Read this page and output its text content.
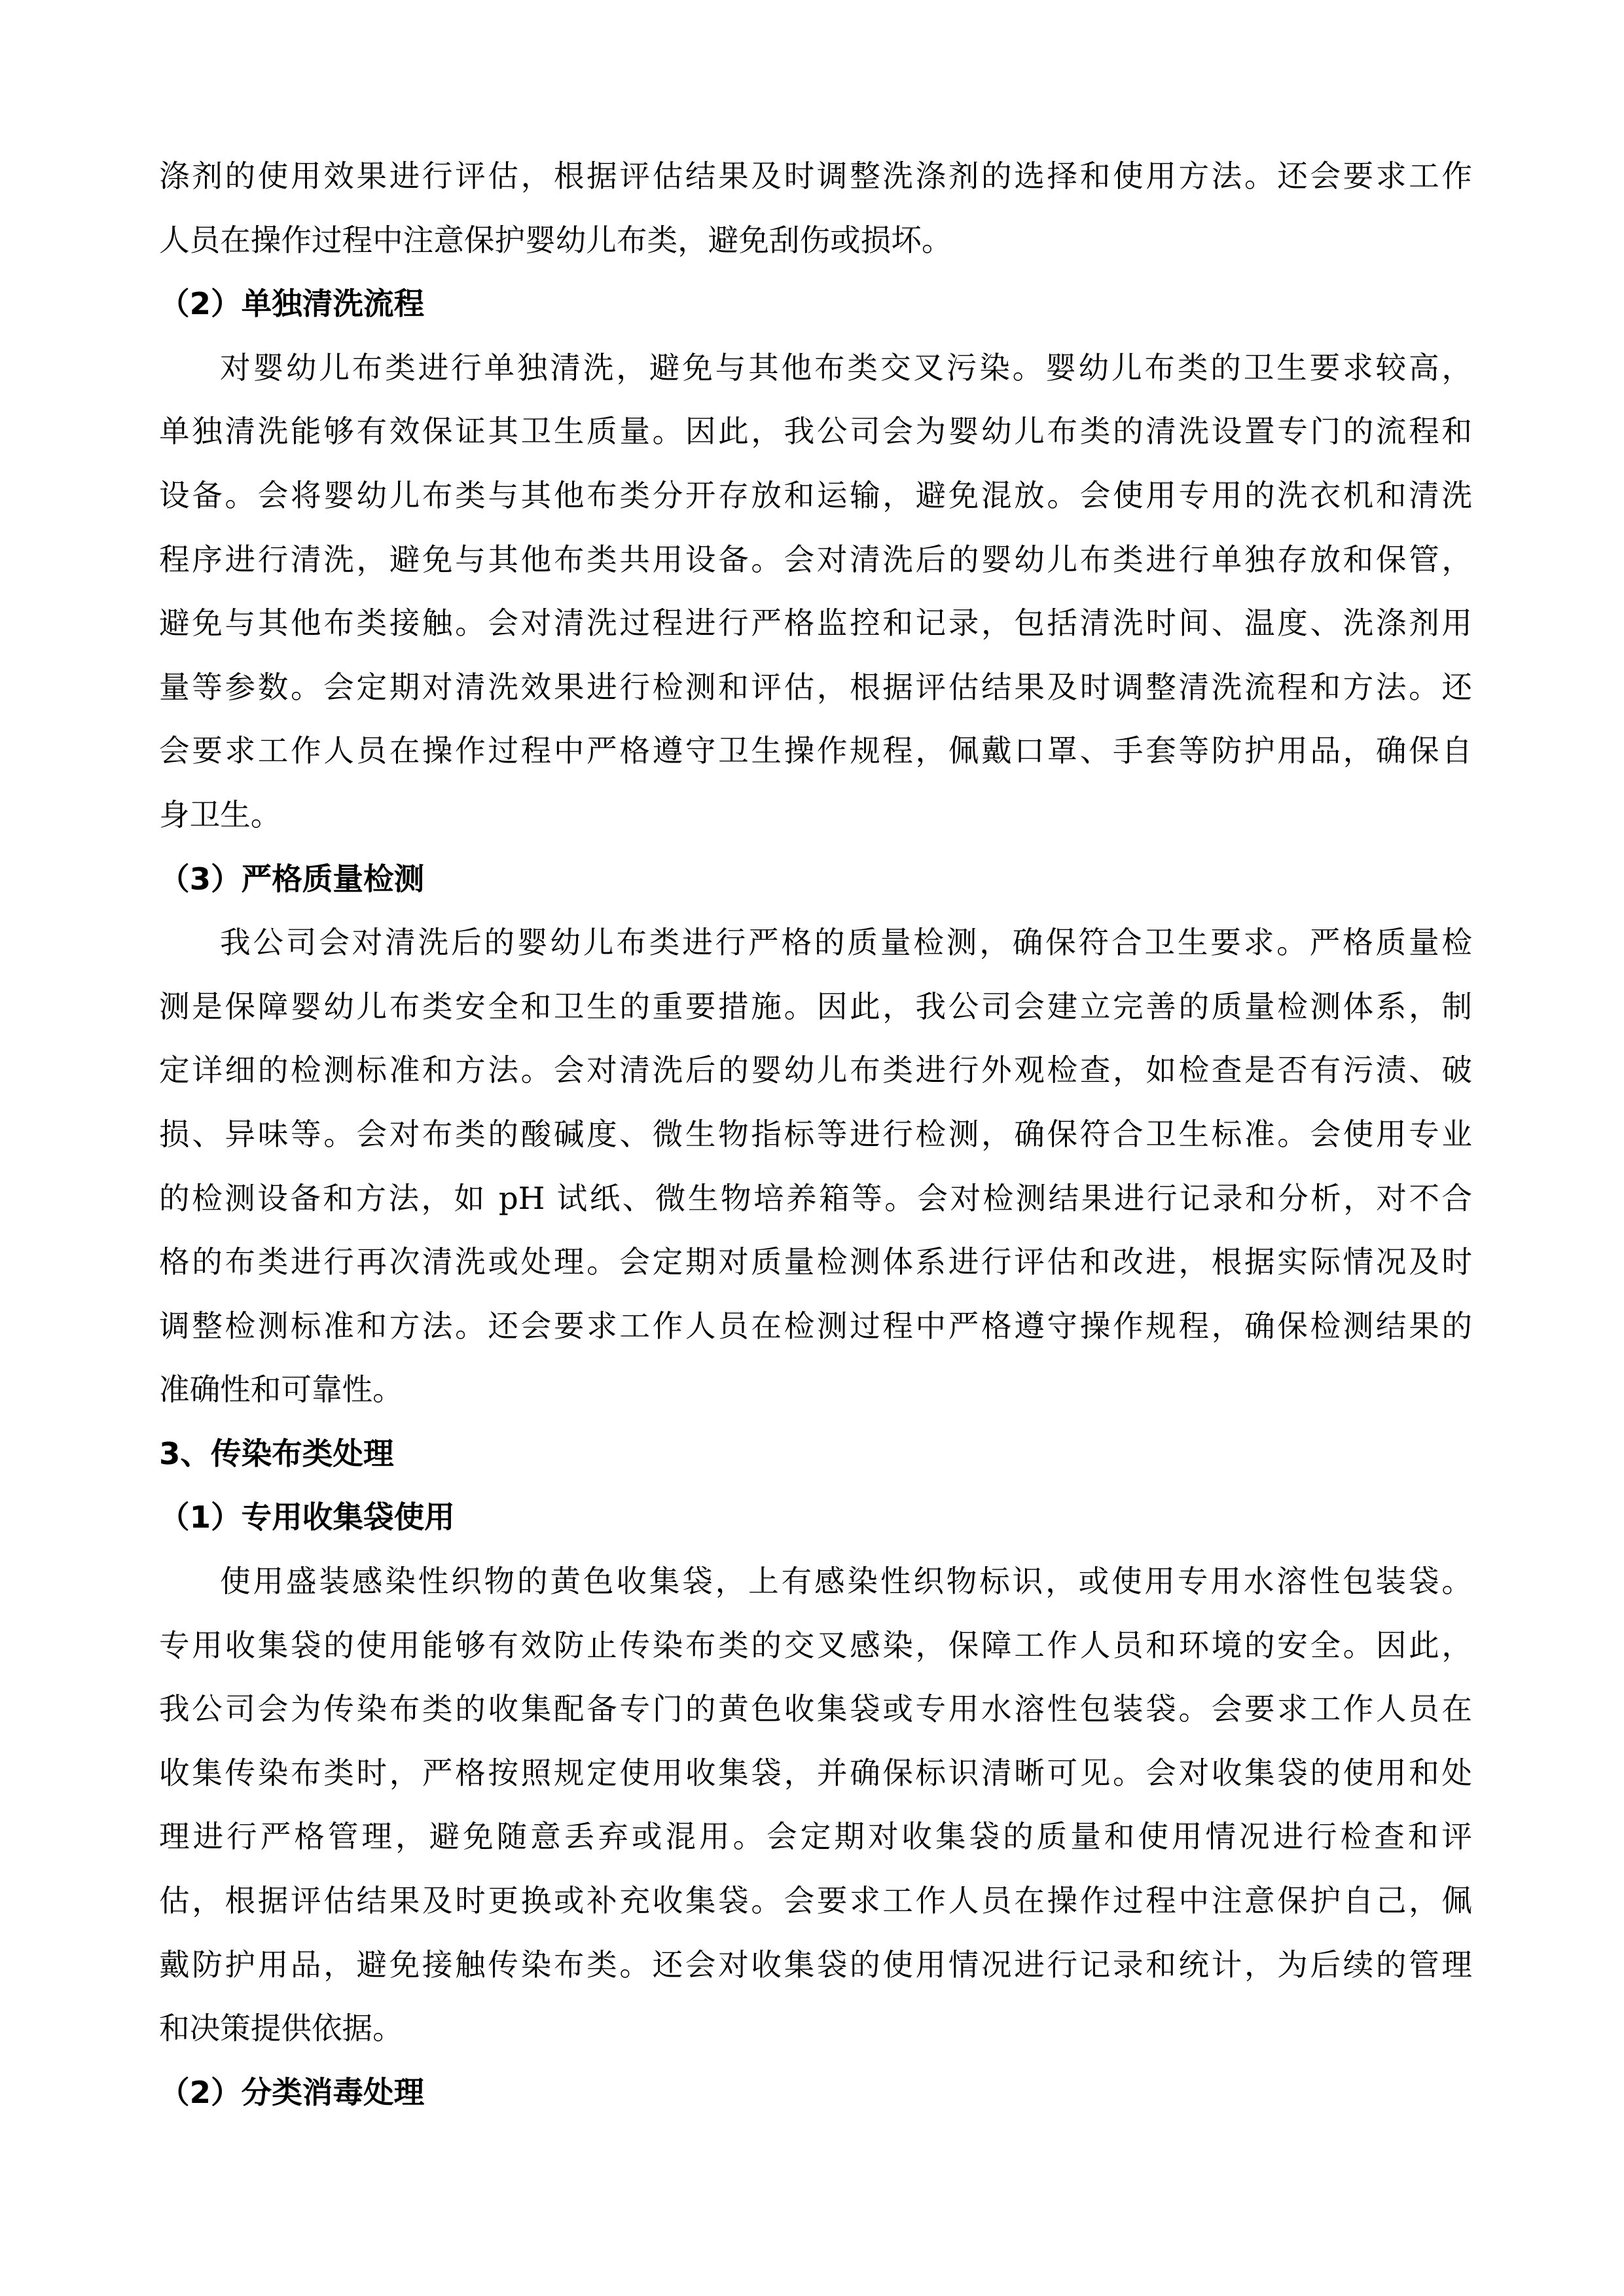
涤剂的使用效果进行评估，根据评估结果及时调整洗涤剂的选择和使用方法。还会要求工作
人员在操作过程中注意保护婴幼儿布类，避免刮伤或损坏。
（2）单独清洗流程
对婴幼儿布类进行单独清洗，避免与其他布类交叉污染。婴幼儿布类的卫生要求较高，
单独清洗能够有效保证其卫生质量。因此，我公司会为婴幼儿布类的清洗设置专门的流程和
设备。会将婴幼儿布类与其他布类分开存放和运输，避免混放。会使用专用的洗衣机和清洗
程序进行清洗，避免与其他布类共用设备。会对清洗后的婴幼儿布类进行单独存放和保管，
避免与其他布类接触。会对清洗过程进行严格监控和记录，包括清洗时间、温度、洗涤剂用
量等参数。会定期对清洗效果进行检测和评估，根据评估结果及时调整清洗流程和方法。还
会要求工作人员在操作过程中严格遵守卫生操作规程，佩戴口罩、手套等防护用品，确保自
身卫生。
（3）严格质量检测
我公司会对清洗后的婴幼儿布类进行严格的质量检测，确保符合卫生要求。严格质量检
测是保障婴幼儿布类安全和卫生的重要措施。因此，我公司会建立完善的质量检测体系，制
定详细的检测标准和方法。会对清洗后的婴幼儿布类进行外观检查，如检查是否有污渍、破
损、异味等。会对布类的酸碱度、微生物指标等进行检测，确保符合卫生标准。会使用专业
的检测设备和方法，如 pH 试纸、微生物培养箱等。会对检测结果进行记录和分析，对不合
格的布类进行再次清洗或处理。会定期对质量检测体系进行评估和改进，根据实际情况及时
调整检测标准和方法。还会要求工作人员在检测过程中严格遵守操作规程，确保检测结果的
准确性和可靠性。
3、传染布类处理
（1）专用收集袋使用
使用盛装感染性织物的黄色收集袋，上有感染性织物标识，或使用专用水溶性包装袋。
专用收集袋的使用能够有效防止传染布类的交叉感染，保障工作人员和环境的安全。因此，
我公司会为传染布类的收集配备专门的黄色收集袋或专用水溶性包装袋。会要求工作人员在
收集传染布类时，严格按照规定使用收集袋，并确保标识清晰可见。会对收集袋的使用和处
理进行严格管理，避免随意丢弃或混用。会定期对收集袋的质量和使用情况进行检查和评
估，根据评估结果及时更换或补充收集袋。会要求工作人员在操作过程中注意保护自己，佩
戴防护用品，避免接触传染布类。还会对收集袋的使用情况进行记录和统计，为后续的管理
和决策提供依据。
（2）分类消毒处理
